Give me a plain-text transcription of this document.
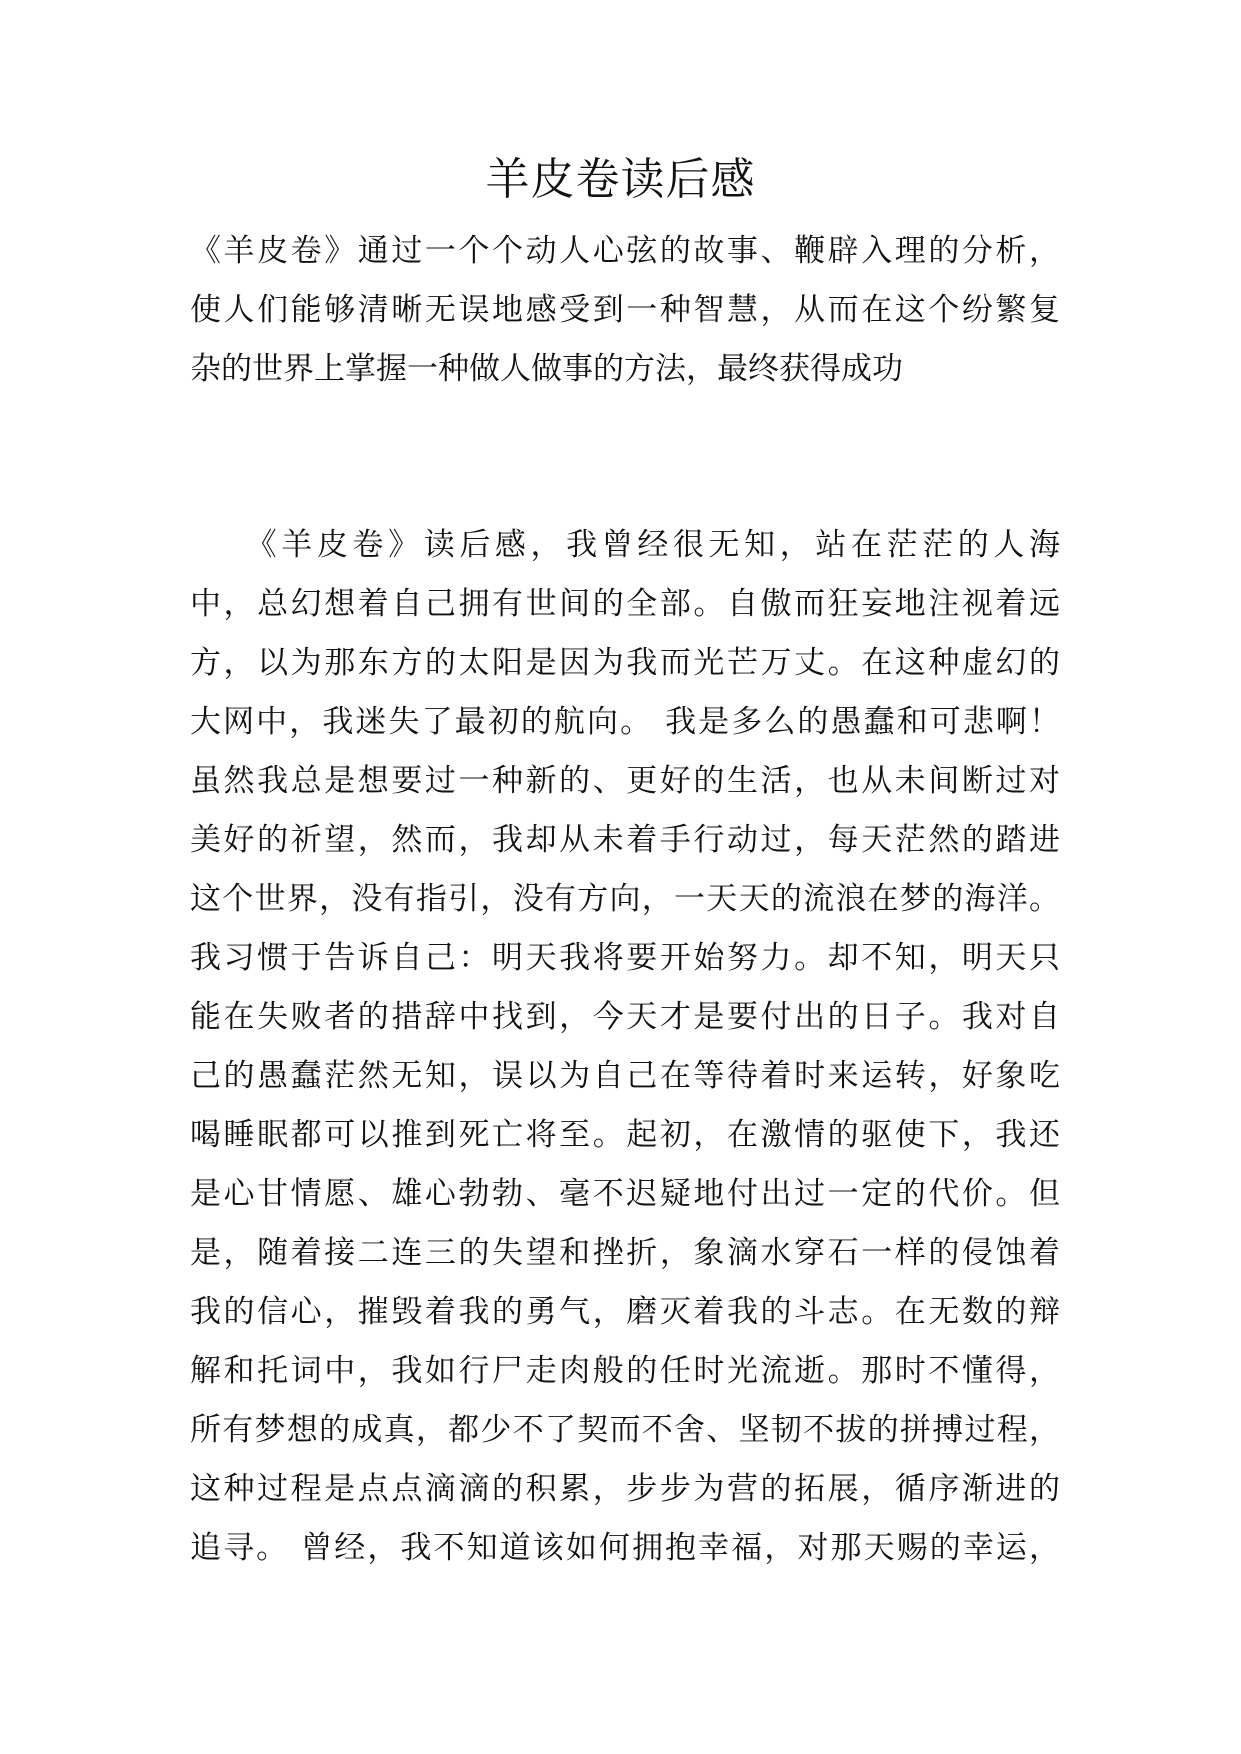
羊皮卷读后感
《羊皮卷》通过一个个动人心弦的故事、鞭辟入理的分析，
使人们能够清晰无误地感受到一种智慧，从而在这个纷繁复
杂的世界上掌握一种做人做事的方法，最终获得成功
　　《羊皮卷》读后感，我曾经很无知，站在茫茫的人海
中，总幻想着自己拥有世间的全部。自傲而狂妄地注视着远
方，以为那东方的太阳是因为我而光芒万丈。在这种虚幻的
大网中，我迷失了最初的航向。 我是多么的愚蠢和可悲啊！
虽然我总是想要过一种新的、更好的生活，也从未间断过对
美好的祈望，然而，我却从未着手行动过，每天茫然的踏进
这个世界，没有指引，没有方向，一天天的流浪在梦的海洋。
我习惯于告诉自己：明天我将要开始努力。却不知，明天只
能在失败者的措辞中找到，今天才是要付出的日子。我对自
己的愚蠢茫然无知，误以为自己在等待着时来运转，好象吃
喝睡眠都可以推到死亡将至。起初，在激情的驱使下，我还
是心甘情愿、雄心勃勃、毫不迟疑地付出过一定的代价。但
是，随着接二连三的失望和挫折，象滴水穿石一样的侵蚀着
我的信心，摧毁着我的勇气，磨灭着我的斗志。在无数的辩
解和托词中，我如行尸走肉般的任时光流逝。那时不懂得，
所有梦想的成真，都少不了契而不舍、坚韧不拔的拼搏过程，
这种过程是点点滴滴的积累，步步为营的拓展，循序渐进的
追寻。 曾经，我不知道该如何拥抱幸福，对那天赐的幸运，
